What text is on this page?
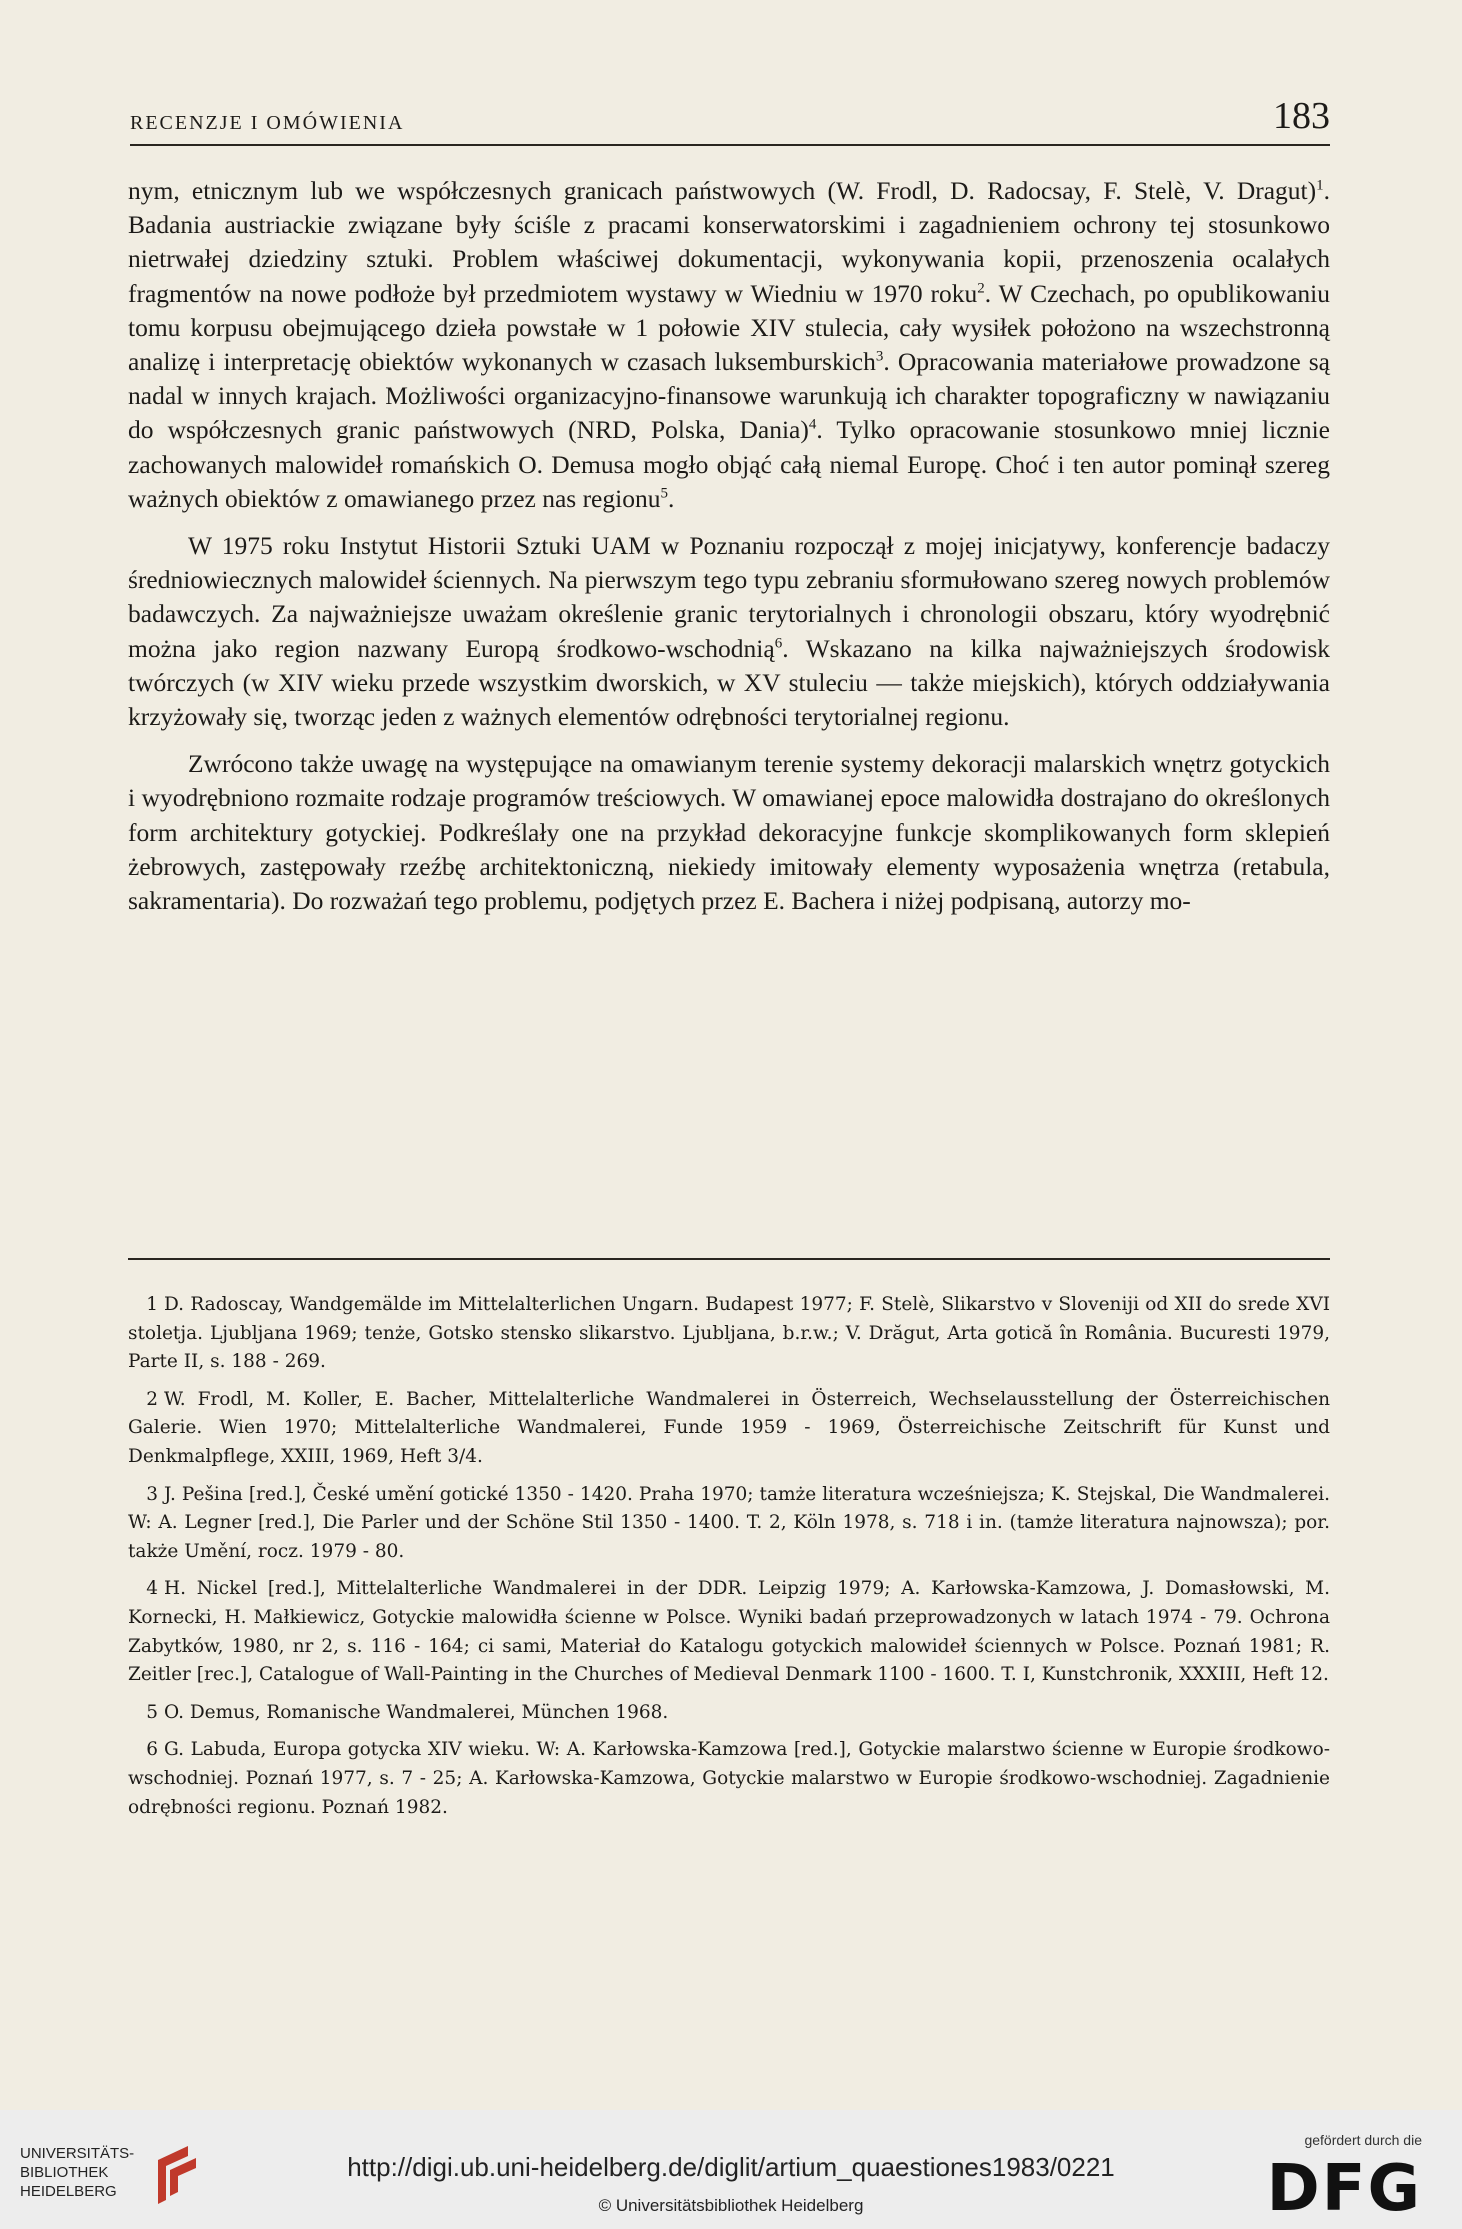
RECENZJE I OMÓWIENIA	183

nym, etnicznym lub we współczesnych granicach państwowych (W. Frodl, D. Radocsay, F. Stelè, V. Dragut)$^1$. Badania austriackie związane były ściśle z pracami konserwatorskimi i zagadnieniem ochrony tej stosunkowo nietrwałej dziedziny sztuki. Problem właściwej dokumentacji, wykonywania kopii, przenoszenia ocalałych fragmentów na nowe podłoże był przedmiotem wystawy w Wiedniu w 1970 roku$^2$. W Czechach, po opublikowaniu tomu korpusu obejmującego dzieła powstałe w 1 połowie XIV stulecia, cały wysiłek położono na wszechstronną analizę i interpretację obiektów wykonanych w czasach luksemburskich$^3$. Opracowania materiałowe prowadzone są nadal w innych krajach. Możliwości organizacyjno-finansowe warunkują ich charakter topograficzny w nawiązaniu do współczesnych granic państwowych (NRD, Polska, Dania)$^4$. Tylko opracowanie stosunkowo mniej licznie zachowanych malowideł romańskich O. Demusa mogło objąć całą niemal Europę. Choć i ten autor pominął szereg ważnych obiektów z omawianego przez nas regionu$^5$.

W 1975 roku Instytut Historii Sztuki UAM w Poznaniu rozpoczął z mojej inicjatywy, konferencje badaczy średniowiecznych malowideł ściennych. Na pierwszym tego typu zebraniu sformułowano szereg nowych problemów badawczych. Za najważniejsze uważam określenie granic terytorialnych i chronologii obszaru, który wyodrębnić można jako region nazwany Europą środkowo-wschodnią$^6$. Wskazano na kilka najważniejszych środowisk twórczych (w XIV wieku przede wszystkim dworskich, w XV stuleciu — także miejskich), których oddziaływania krzyżowały się, tworząc jeden z ważnych elementów odrębności terytorialnej regionu.

Zwrócono także uwagę na występujące na omawianym terenie systemy dekoracji malarskich wnętrz gotyckich i wyodrębniono rozmaite rodzaje programów treściowych. W omawianej epoce malowidła dostrajano do określonych form architektury gotyckiej. Podkreślały one na przykład dekoracyjne funkcje skomplikowanych form sklepień żebrowych, zastępowały rzeźbę architektoniczną, niekiedy imitowały elementy wyposażenia wnętrza (retabula, sakramentaria). Do rozważań tego problemu, podjętych przez E. Bachera i niżej podpisaną, autorzy mo-

1 D. Radoscay, Wandgemälde im Mittelalterlichen Ungarn. Budapest 1977; F. Stelè, Slikarstvo v Sloveniji od XII do srede XVI stoletja. Ljubljana 1969; tenże, Gotsko stensko slikarstvo. Ljubljana, b.r.w.; V. Drăgut, Arta gotică în România. Bucuresti 1979, Parte II, s. 188 - 269.

2 W. Frodl, M. Koller, E. Bacher, Mittelalterliche Wandmalerei in Österreich, Wechselausstellung der Österreichischen Galerie. Wien 1970; Mittelalterliche Wandmalerei, Funde 1959 - 1969, Österreichische Zeitschrift für Kunst und Denkmalpflege, XXIII, 1969, Heft 3/4.

3 J. Pešina [red.], České umění gotické 1350 - 1420. Praha 1970; tamże literatura wcześniejsza; K. Stejskal, Die Wandmalerei. W: A. Legner [red.], Die Parler und der Schöne Stil 1350 - 1400. T. 2, Köln 1978, s. 718 i in. (tamże literatura najnowsza); por. także Umění, rocz. 1979 - 80.

4 H. Nickel [red.], Mittelalterliche Wandmalerei in der DDR. Leipzig 1979; A. Karłowska-Kamzowa, J. Domasłowski, M. Kornecki, H. Małkiewicz, Gotyckie malowidła ścienne w Polsce. Wyniki badań przeprowadzonych w latach 1974 - 79. Ochrona Zabytków, 1980, nr 2, s. 116 - 164; ci sami, Materiał do Katalogu gotyckich malowideł ściennych w Polsce. Poznań 1981; R. Zeitler [rec.], Catalogue of Wall-Painting in the Churches of Medieval Denmark 1100 - 1600. T. I, Kunstchronik, XXXIII, Heft 12.

5 O. Demus, Romanische Wandmalerei, München 1968.

6 G. Labuda, Europa gotycka XIV wieku. W: A. Karłowska-Kamzowa [red.], Gotyckie malarstwo ścienne w Europie środkowo-wschodniej. Poznań 1977, s. 7 - 25; A. Karłowska-Kamzowa, Gotyckie malarstwo w Europie środkowo-wschodniej. Zagadnienie odrębności regionu. Poznań 1982.

UNIVERSITÄTS-
BIBLIOTHEK
HEIDELBERG
http://digi.ub.uni-heidelberg.de/diglit/artium_quaestiones1983/0221
© Universitätsbibliothek Heidelberg
gefördert durch die
DFG
